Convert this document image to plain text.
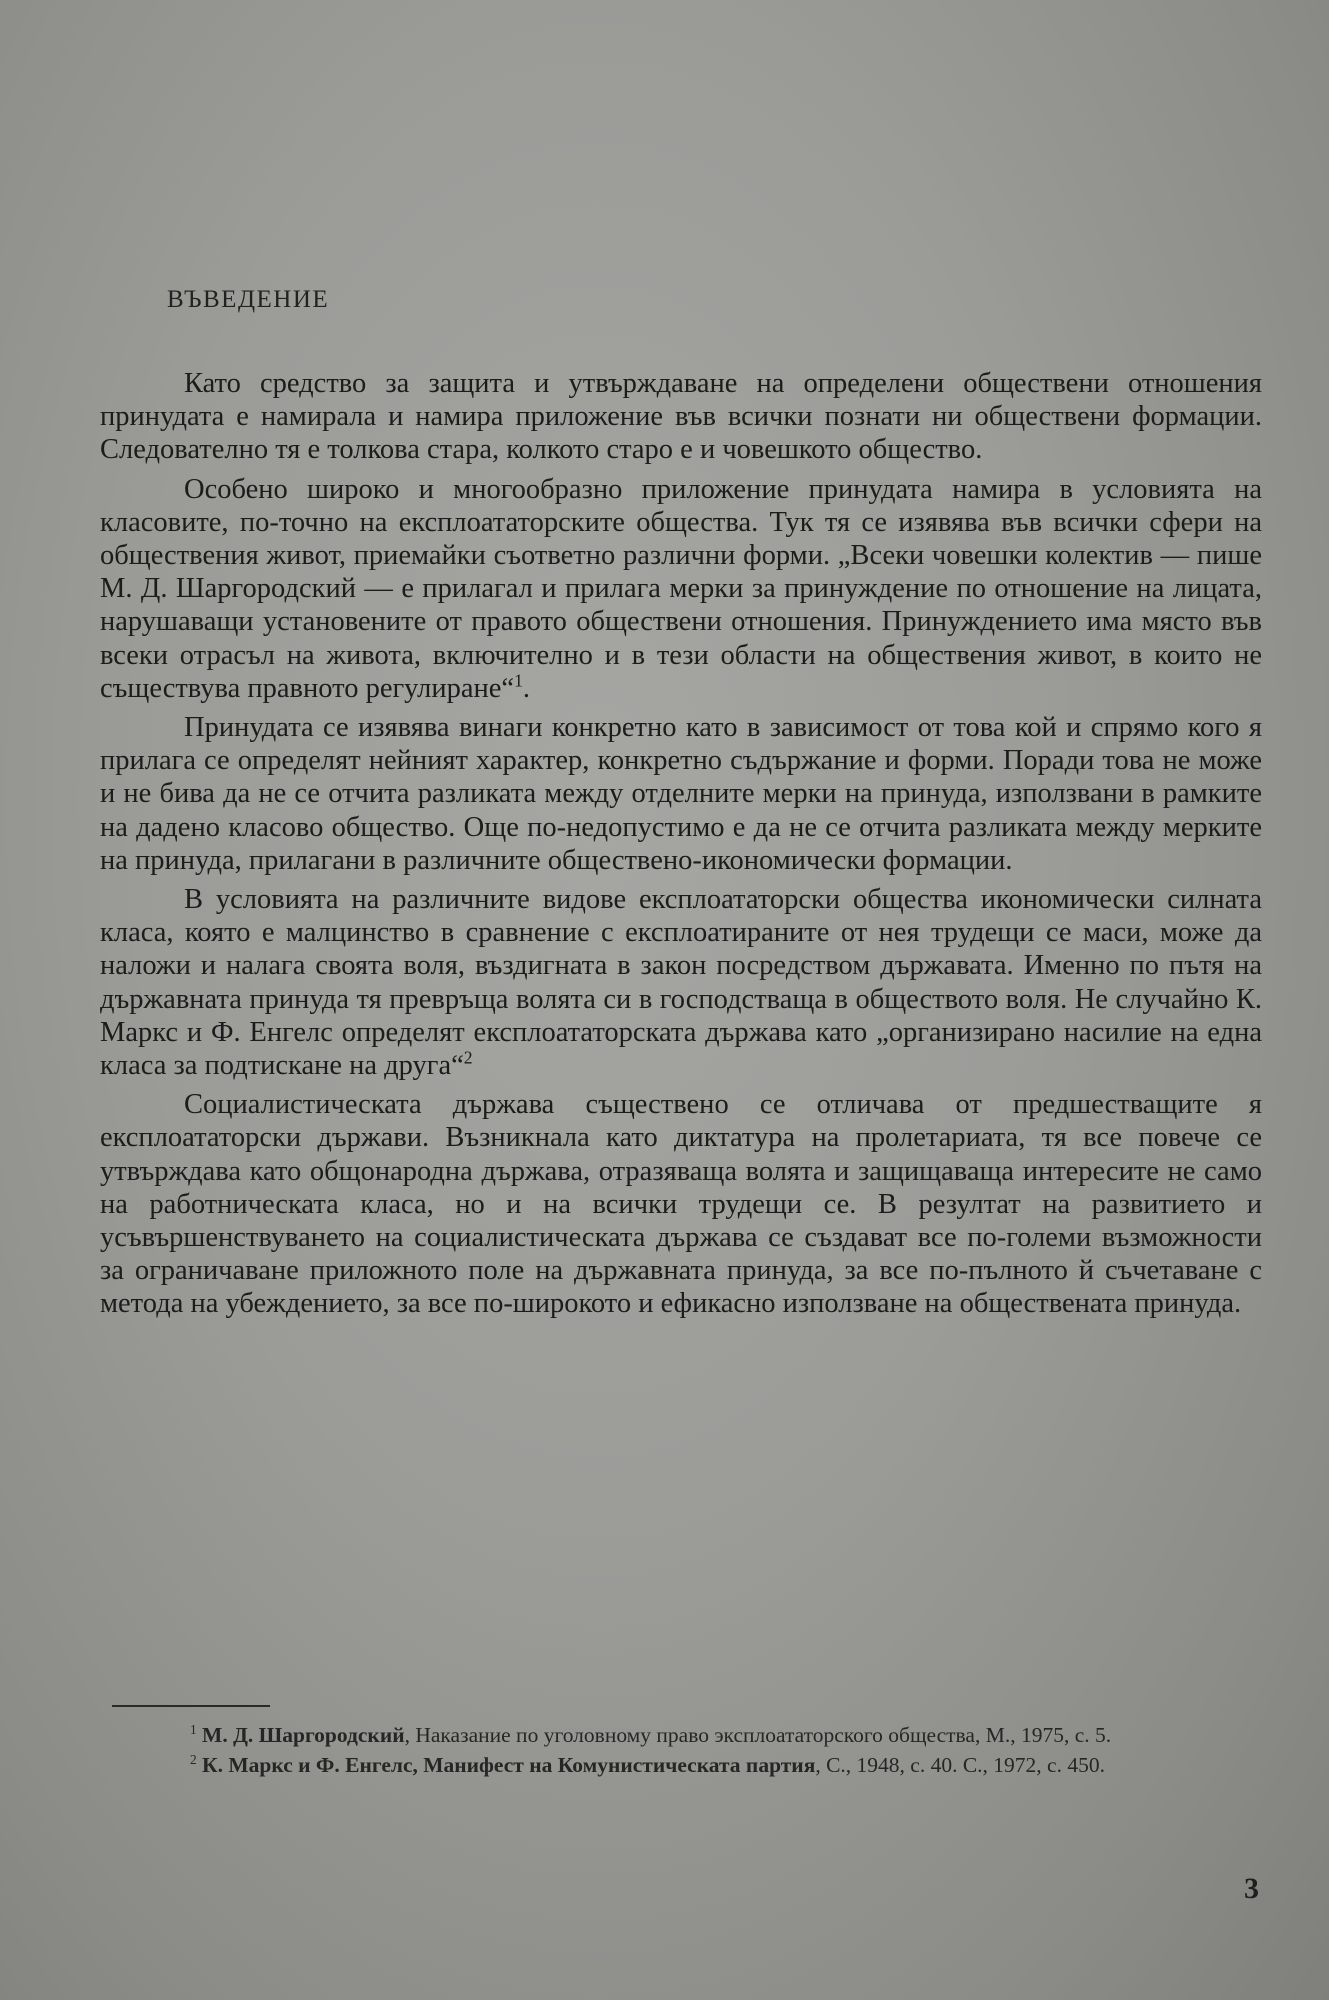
ВЪВЕДЕНИЕ

Като средство за защита и утвърждаване на определени обществени отношения принудата е намирала и намира приложение във всички познати ни обществени формации. Следователно тя е толкова стара, колкото старо е и човешкото общество.

Особено широко и многообразно приложение принудата намира в условията на класовите, по-точно на експлоататорските общества. Тук тя се изявява във всички сфери на обществения живот, приемайки съответно различни форми. „Всеки човешки колектив — пише М. Д. Шаргородский — е прилагал и прилага мерки за принуждение по отношение на лицата, нарушаващи установените от правото обществени отношения. Принуждението има място във всеки отрасъл на живота, включително и в тези области на обществения живот, в които не съществува правното регулиране“$^1$.

Принудата се изявява винаги конкретно като в зависимост от това кой и спрямо кого я прилага се определят нейният характер, конкретно съдържание и форми. Поради това не може и не бива да не се отчита разликата между отделните мерки на принуда, използвани в рамките на дадено класово общество. Още по-недопустимо е да не се отчита разликата между мерките на принуда, прилагани в различните обществено-икономически формации.

В условията на различните видове експлоататорски общества икономически силната класа, която е малцинство в сравнение с експлоатираните от нея трудещи се маси, може да наложи и налага своята воля, въздигната в закон посредством държавата. Именно по пътя на държавната принуда тя превръща волята си в господстваща в обществото воля. Не случайно К. Маркс и Ф. Енгелс определят експлоататорската държава като „организирано насилие на една класа за подтискане на друга“$^2$

Социалистическата държава съществено се отличава от предшестващите я експлоататорски държави. Възникнала като диктатура на пролетариата, тя все повече се утвърждава като общонародна държава, отразяваща волята и защищаваща интересите не само на работническата класа, но и на всички трудещи се. В резултат на развитието и усъвършенствуването на социалистическата държава се създават все по-големи възможности за ограничаване приложното поле на държавната принуда, за все по-пълното й съчетаване с метода на убеждението, за все по-широкото и ефикасно използване на обществената принуда.

$^1$ М. Д. Шаргородский, Наказание по уголовному право эксплоататорского общества, М., 1975, с. 5.
$^2$ К. Маркс и Ф. Енгелс, Манифест на Комунистическата партия, С., 1948, с. 40. С., 1972, с. 450.
3
